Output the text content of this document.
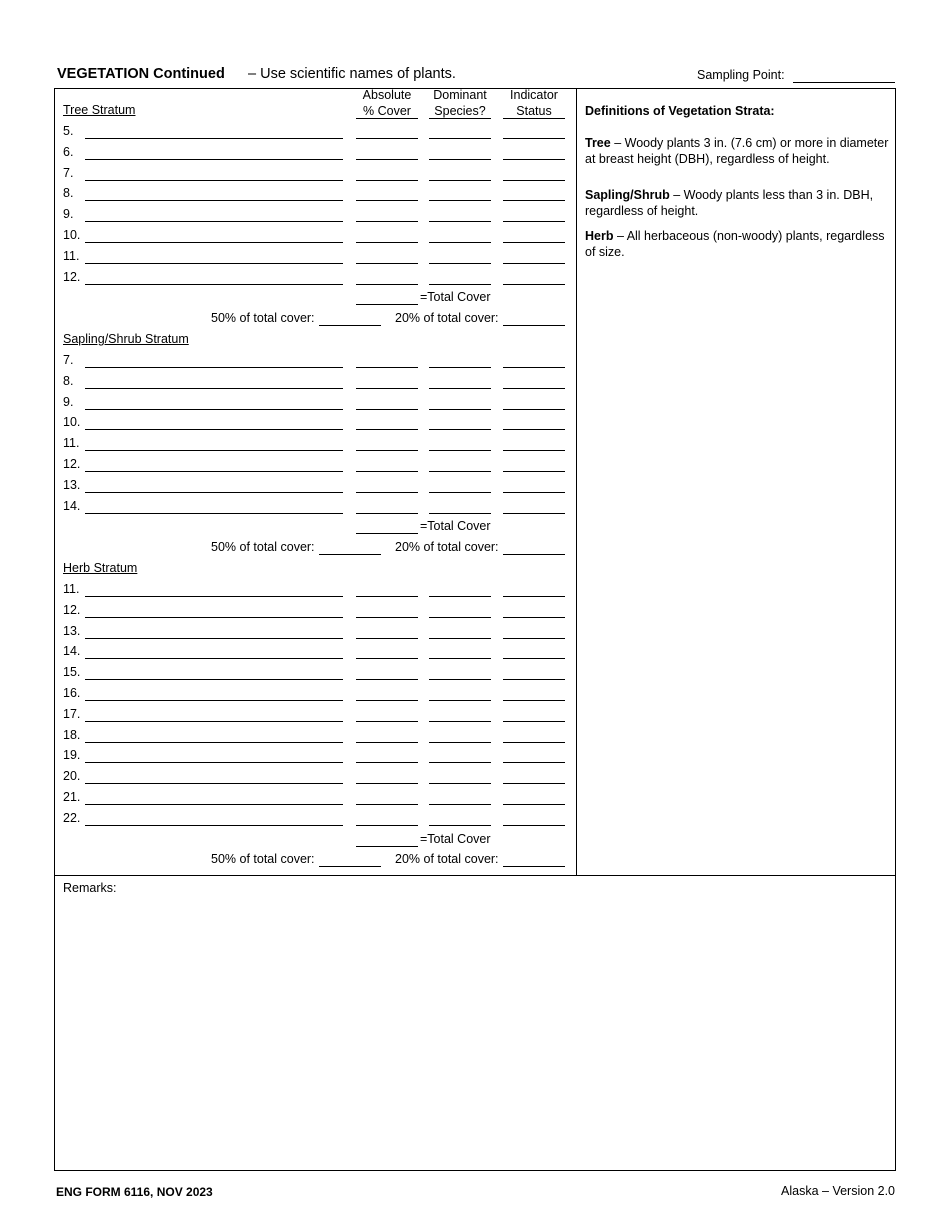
VEGETATION Continued – Use scientific names of plants.	Sampling Point:
Absolute
% Cover
Dominant
Species?
Indicator
Status
Tree Stratum
5.
6.
7.
8.
9.
10.
11.
12.
=Total Cover
50% of total cover:	20% of total cover:
Sapling/Shrub Stratum
7.
8.
9.
10.
11.
12.
13.
14.
=Total Cover
50% of total cover:	20% of total cover:
Herb Stratum
11.
12.
13.
14.
15.
16.
17.
18.
19.
20.
21.
22.
=Total Cover
50% of total cover:	20% of total cover:

Definitions of Vegetation Strata:

Tree – Woody plants 3 in. (7.6 cm) or more in diameter at breast height (DBH), regardless of height.

Sapling/Shrub – Woody plants less than 3 in. DBH, regardless of height.

Herb – All herbaceous (non-woody) plants, regardless of size.

Remarks:
ENG FORM 6116, NOV 2023	Alaska – Version 2.0
